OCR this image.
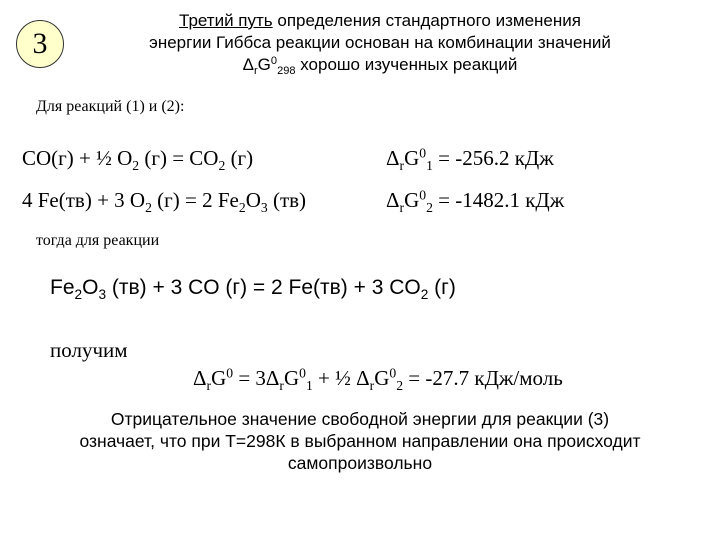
3
Третий путь определения стандартного изменения
энергии Гиббса реакции основан на комбинации значений
$\Delta_rG^0_{298}$ хорошо изученных реакций
Для реакций (1) и (2):
CO(г) + ½ $O_2$ $(г) = CO_2$ (г)	$\Delta_rG^0_1 = -256.2$ кДж
4 Fe(тв) + 3 $O_2$ (г) = 2 $Fe_2O_3$ (тв)	$\Delta_rG^0_2 = -1482.1$ кДж
тогда для реакции
$Fe_2O_3$ (тв) + 3 CO (г) = 2 Fe(тв) + 3 $CO_2$ (г)
получим
$\Delta_rG^0 = 3\Delta_rG^0_1$ + ½ $\Delta_rG^0_2 = -27.7$ кДж/моль
Отрицательное значение свободной энергии для реакции (3)
означает, что при Т=298К в выбранном направлении она происходит
самопроизвольно
